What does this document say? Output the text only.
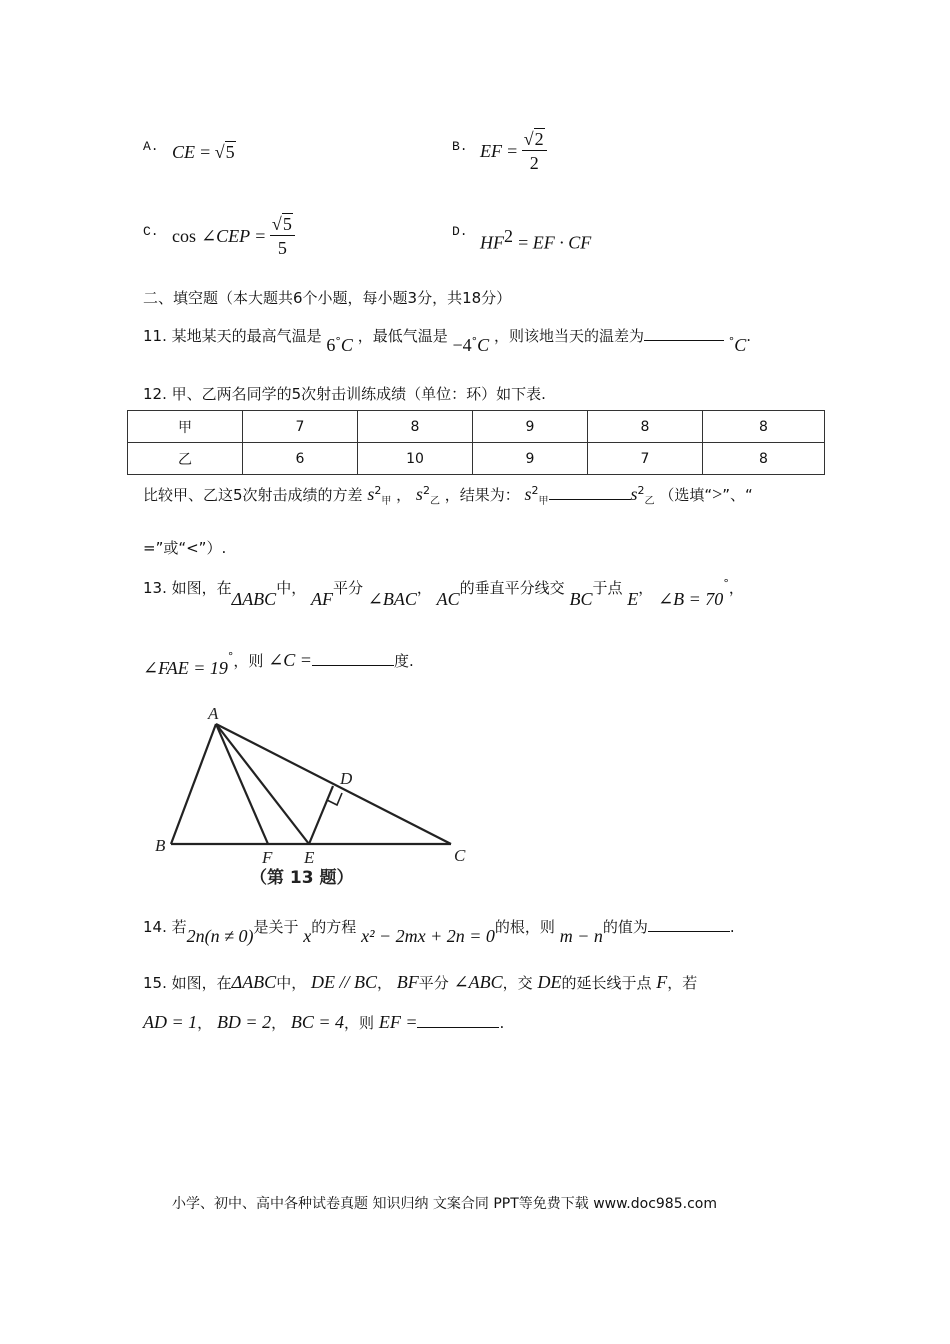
A. CE = √5	B. EF = $\frac{√2}{2}$
C. cos ∠CEP = $\frac{√5}{5}$	D.
$HF^2$ = EF · CF
二、填空题（本大题共6个小题，每小题3分，共18分）
11. 某地某天的最高气温是 6°C ，最低气温是 −4°C ，则该地当天的温差为	°C.
12. 甲、乙两名同学的5次射击训练成绩（单位：环）如下表.
甲	7	8	9	8	8
乙	6	10	9	7	8
比较甲、乙这5次射击成绩的方差 $s^2_甲$ ， $s^2_乙$ ，结果为： $s^2_甲$	$s^2_乙$ （选填“>”、“
=”或“<”）.
13. 如图，在ΔABC中， AF平分 ∠BAC， AC的垂直平分线交 BC于点 E， ∠B = 70°，
∠FAE = 19°，则 ∠C =	度.
A
B
C
D
E
F
（第 13 题）
14. 若2n(n ≠ 0)是关于 x的方程 x² − 2mx + 2n = 0的根，则 m − n的值为	.
15. 如图，在ΔABC中， DE // BC， BF平分 ∠ABC，交 DE的延长线于点 F，若
AD = 1， BD = 2， BC = 4，则 EF =	.
小学、初中、高中各种试卷真题 知识归纳 文案合同 PPT等免费下载 www.doc985.com
